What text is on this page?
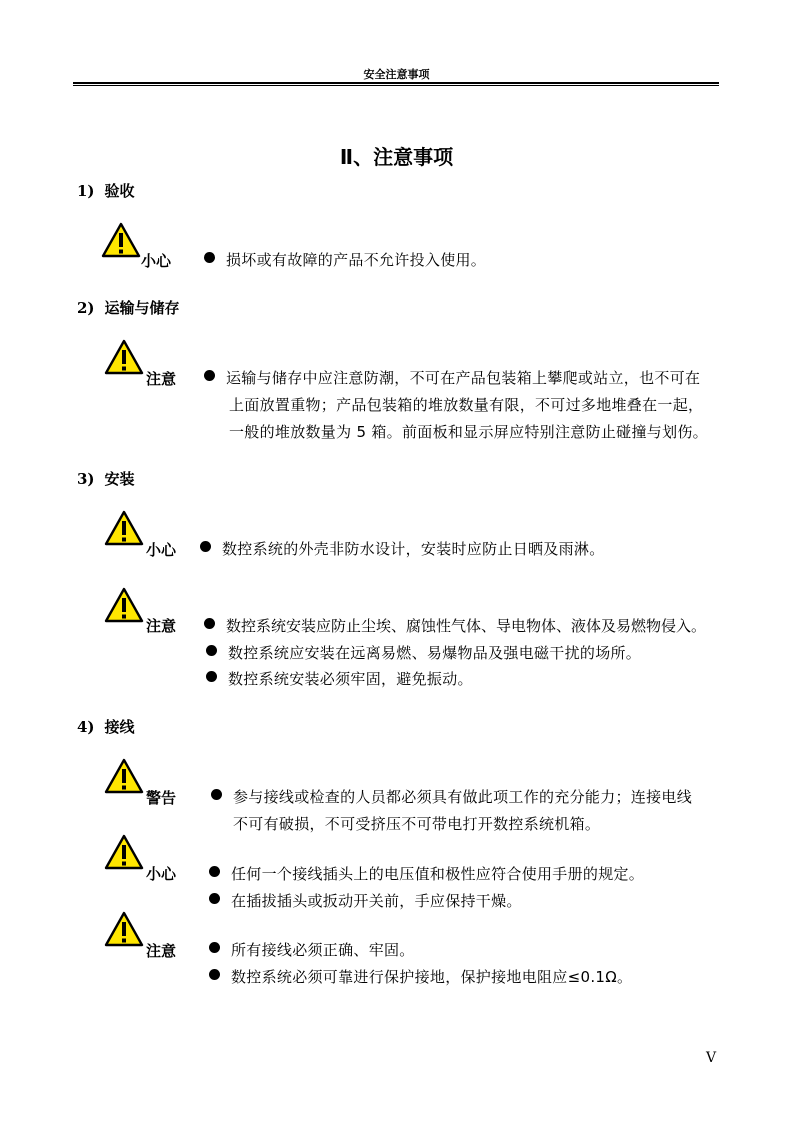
安全注意事项
Ⅱ、注意事项
1) 验收
小心	损坏或有故障的产品不允许投入使用。
2) 运输与储存
注意	运输与储存中应注意防潮，不可在产品包装箱上攀爬或站立，也不可在
上面放置重物；产品包装箱的堆放数量有限，不可过多地堆叠在一起，
一般的堆放数量为 5 箱。前面板和显示屏应特别注意防止碰撞与划伤。
3) 安装
小心	数控系统的外壳非防水设计，安装时应防止日晒及雨淋。
注意	数控系统安装应防止尘埃、腐蚀性气体、导电物体、液体及易燃物侵入。
数控系统应安装在远离易燃、易爆物品及强电磁干扰的场所。
数控系统安装必须牢固，避免振动。
4) 接线
警告	参与接线或检查的人员都必须具有做此项工作的充分能力；连接电线
不可有破损，不可受挤压不可带电打开数控系统机箱。
小心	任何一个接线插头上的电压值和极性应符合使用手册的规定。
在插拔插头或扳动开关前，手应保持干燥。
注意	所有接线必须正确、牢固。
数控系统必须可靠进行保护接地，保护接地电阻应≤0.1Ω。
V
